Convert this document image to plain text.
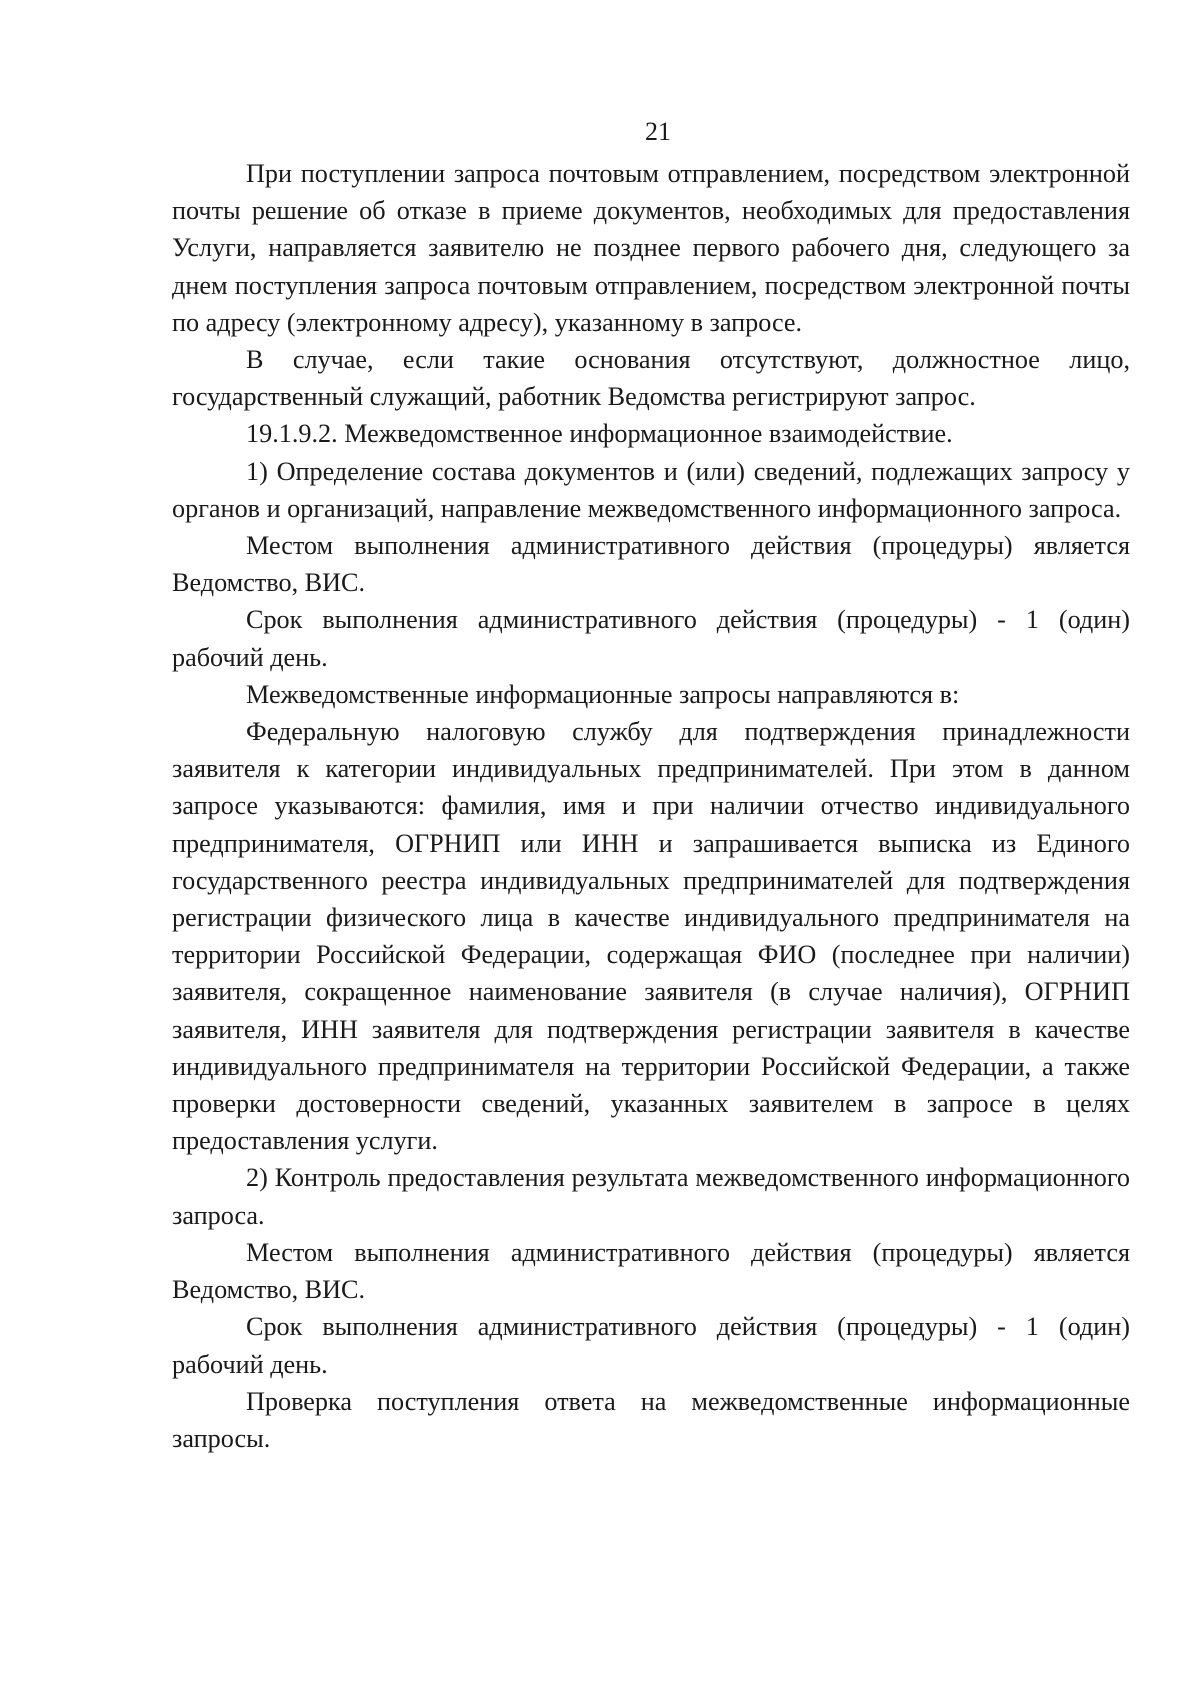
21

При поступлении запроса почтовым отправлением, посредством электронной почты решение об отказе в приеме документов, необходимых для предоставления Услуги, направляется заявителю не позднее первого рабочего дня, следующего за днем поступления запроса почтовым отправлением, посредством электронной почты по адресу (электронному адресу), указанному в запросе.

В случае, если такие основания отсутствуют, должностное лицо, государственный служащий, работник Ведомства регистрируют запрос.

19.1.9.2. Межведомственное информационное взаимодействие.

1) Определение состава документов и (или) сведений, подлежащих запросу у органов и организаций, направление межведомственного информационного запроса.

Местом выполнения административного действия (процедуры) является Ведомство, ВИС.

Срок выполнения административного действия (процедуры) - 1 (один) рабочий день.

Межведомственные информационные запросы направляются в:

Федеральную налоговую службу для подтверждения принадлежности заявителя к категории индивидуальных предпринимателей. При этом в данном запросе указываются: фамилия, имя и при наличии отчество индивидуального предпринимателя, ОГРНИП или ИНН и запрашивается выписка из Единого государственного реестра индивидуальных предпринимателей для подтверждения регистрации физического лица в качестве индивидуального предпринимателя на территории Российской Федерации, содержащая ФИО (последнее при наличии) заявителя, сокращенное наименование заявителя (в случае наличия), ОГРНИП заявителя, ИНН заявителя для подтверждения регистрации заявителя в качестве индивидуального предпринимателя на территории Российской Федерации, а также проверки достоверности сведений, указанных заявителем в запросе в целях предоставления услуги.

2) Контроль предоставления результата межведомственного информационного запроса.

Местом выполнения административного действия (процедуры) является Ведомство, ВИС.

Срок выполнения административного действия (процедуры) - 1 (один) рабочий день.

Проверка поступления ответа на межведомственные информационные запросы.
